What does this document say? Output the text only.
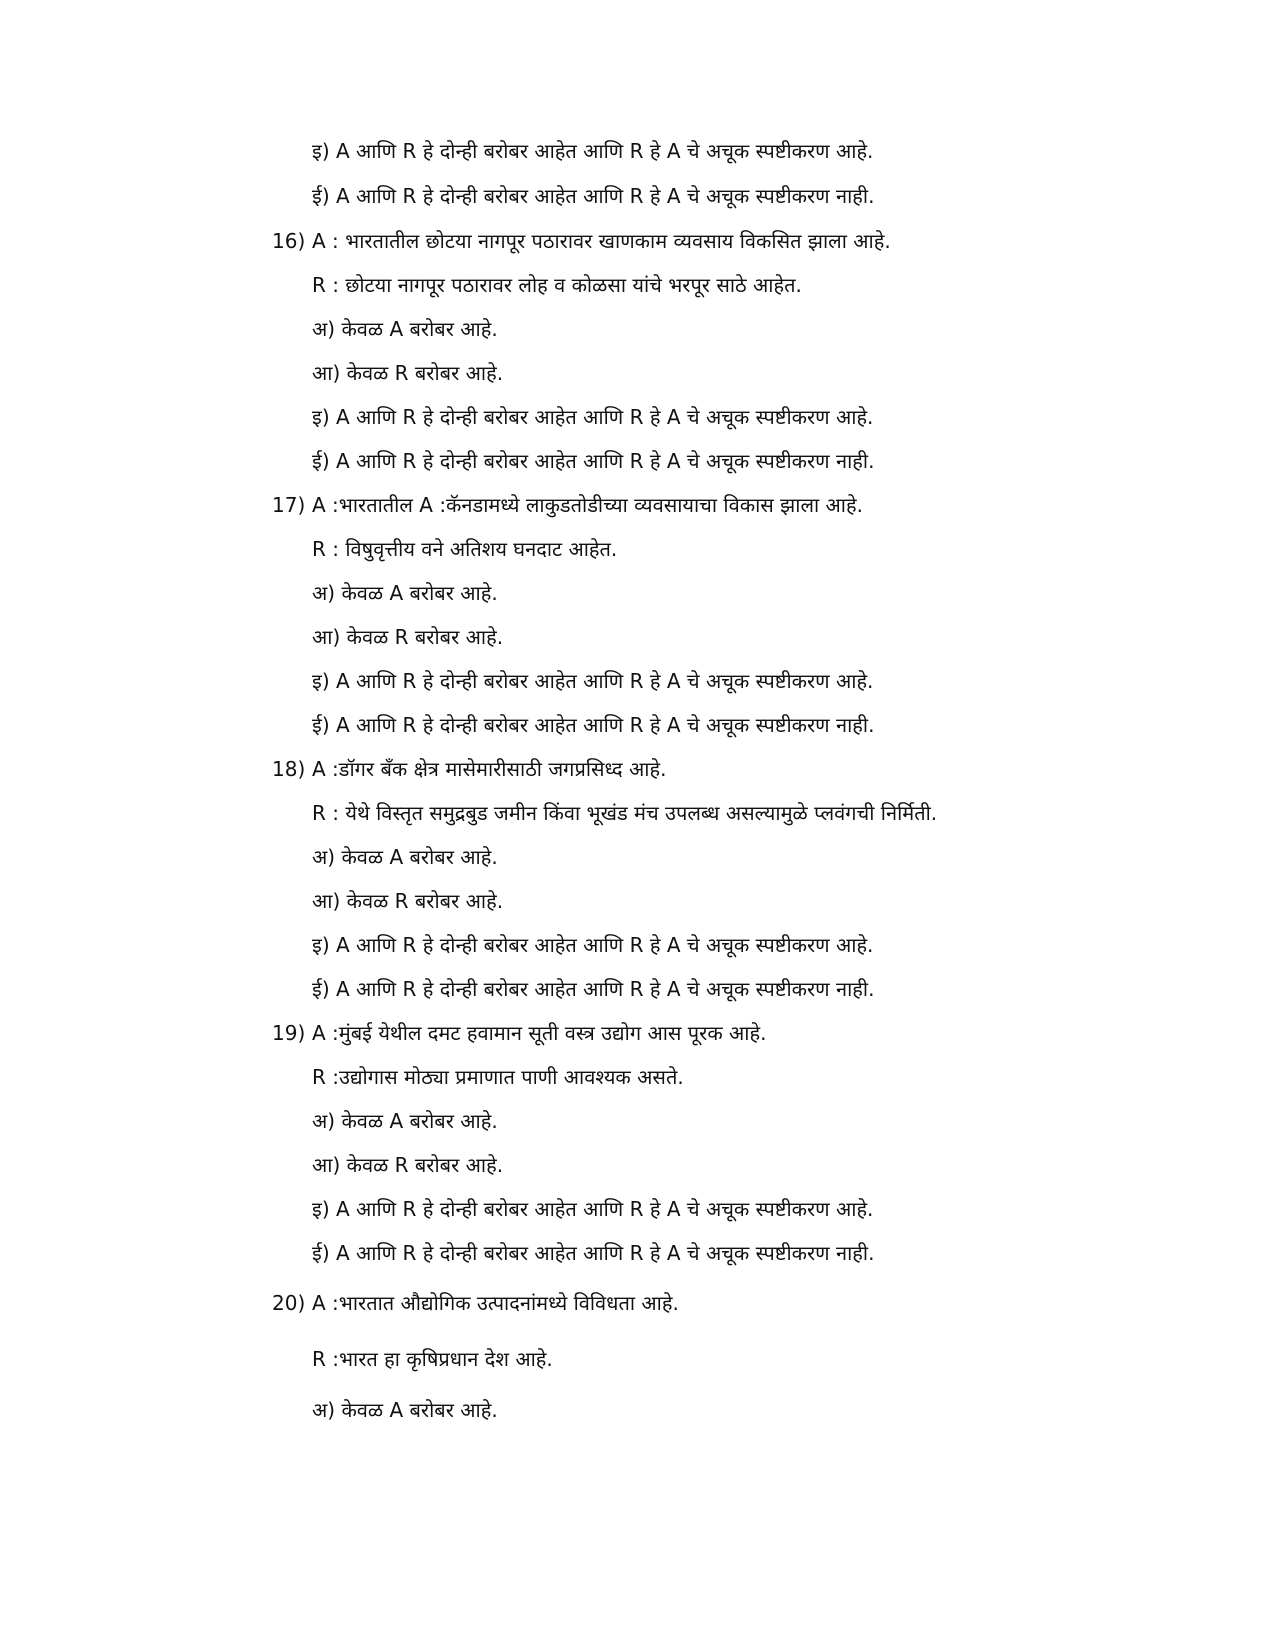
इ) A आणि R हे दोन्ही बरोबर आहेत आणि R हे A चे अचूक स्पष्टीकरण आहे.
ई) A आणि R हे दोन्ही बरोबर आहेत आणि R हे A चे अचूक स्पष्टीकरण नाही.
16) A : भारतातील छोटया नागपूर पठारावर खाणकाम व्यवसाय विकसित झाला आहे.
R : छोटया नागपूर पठारावर लोह व कोळसा यांचे भरपूर साठे आहेत.
अ) केवळ A बरोबर आहे.
आ) केवळ R बरोबर आहे.
इ) A आणि R हे दोन्ही बरोबर आहेत आणि R हे A चे अचूक स्पष्टीकरण आहे.
ई) A आणि R हे दोन्ही बरोबर आहेत आणि R हे A चे अचूक स्पष्टीकरण नाही.
17) A :भारतातील A :कॅनडामध्ये लाकुडतोडीच्या व्यवसायाचा विकास झाला आहे.
R : विषुवृत्तीय वने अतिशय घनदाट आहेत.
अ) केवळ A बरोबर आहे.
आ) केवळ R बरोबर आहे.
इ) A आणि R हे दोन्ही बरोबर आहेत आणि R हे A चे अचूक स्पष्टीकरण आहे.
ई) A आणि R हे दोन्ही बरोबर आहेत आणि R हे A चे अचूक स्पष्टीकरण नाही.
18) A :डॉगर बँक क्षेत्र मासेमारीसाठी जगप्रसिध्द आहे.
R : येथे विस्तृत समुद्रबुड जमीन किंवा भूखंड मंच उपलब्ध असल्यामुळे प्लवंगची निर्मिती.
अ) केवळ A बरोबर आहे.
आ) केवळ R बरोबर आहे.
इ) A आणि R हे दोन्ही बरोबर आहेत आणि R हे A चे अचूक स्पष्टीकरण आहे.
ई) A आणि R हे दोन्ही बरोबर आहेत आणि R हे A चे अचूक स्पष्टीकरण नाही.
19) A :मुंबई येथील दमट हवामान सूती वस्त्र उद्योग आस पूरक आहे.
R :उद्योगास मोठ्या प्रमाणात पाणी आवश्यक असते.
अ) केवळ A बरोबर आहे.
आ) केवळ R बरोबर आहे.
इ) A आणि R हे दोन्ही बरोबर आहेत आणि R हे A चे अचूक स्पष्टीकरण आहे.
ई) A आणि R हे दोन्ही बरोबर आहेत आणि R हे A चे अचूक स्पष्टीकरण नाही.
20) A :भारतात औद्योगिक उत्पादनांमध्ये विविधता आहे.
R :भारत हा कृषिप्रधान देश आहे.
अ) केवळ A बरोबर आहे.
